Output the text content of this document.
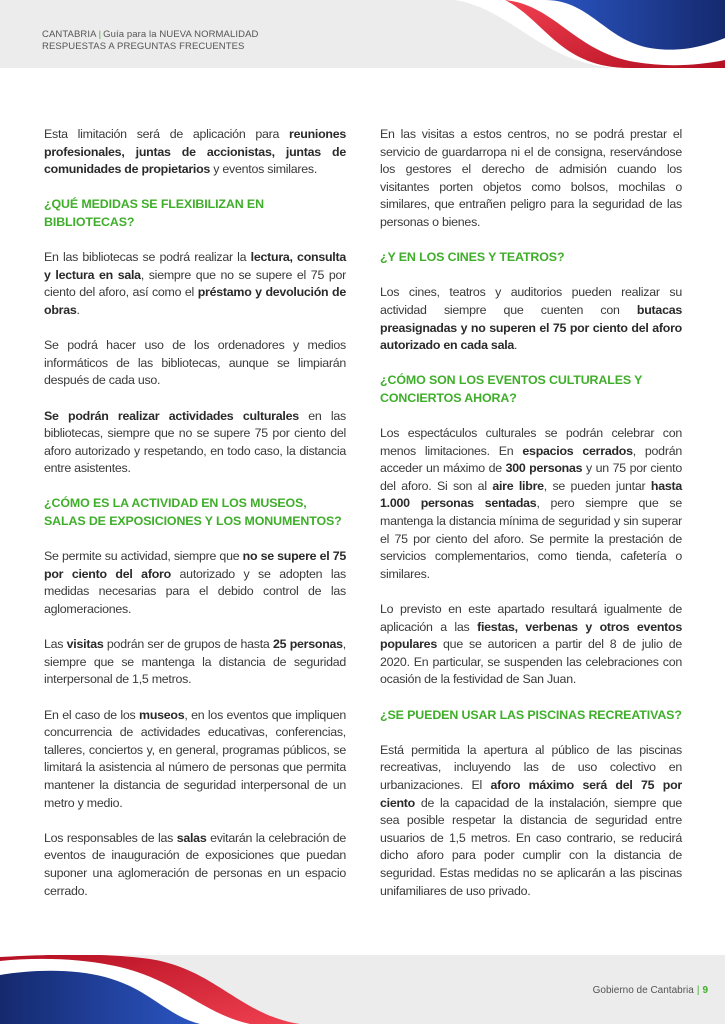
CANTABRIA | Guía para la NUEVA NORMALIDAD
RESPUESTAS A PREGUNTAS FRECUENTES

Esta limitación será de aplicación para reuniones profesionales, juntas de accionistas, juntas de comunidades de propietarios y eventos similares.

¿QUÉ MEDIDAS SE FLEXIBILIZAN EN BIBLIOTECAS?

En las bibliotecas se podrá realizar la lectura, consulta y lectura en sala, siempre que no se supere el 75 por ciento del aforo, así como el préstamo y devolución de obras.

Se podrá hacer uso de los ordenadores y medios informáticos de las bibliotecas, aunque se limpiarán después de cada uso.

Se podrán realizar actividades culturales en las bibliotecas, siempre que no se supere 75 por ciento del aforo autorizado y respetando, en todo caso, la distancia entre asistentes.

¿CÓMO ES LA ACTIVIDAD EN LOS MUSEOS, SALAS DE EXPOSICIONES Y LOS MONUMENTOS?

Se permite su actividad, siempre que no se supere el 75 por ciento del aforo autorizado y se adopten las medidas necesarias para el debido control de las aglomeraciones.

Las visitas podrán ser de grupos de hasta 25 personas, siempre que se mantenga la distancia de seguridad interpersonal de 1,5 metros.

En el caso de los museos, en los eventos que impliquen concurrencia de actividades educativas, conferencias, talleres, conciertos y, en general, programas públicos, se limitará la asistencia al número de personas que permita mantener la distancia de seguridad interpersonal de un metro y medio.

Los responsables de las salas evitarán la celebración de eventos de inauguración de exposiciones que puedan suponer una aglomeración de personas en un espacio cerrado.

En las visitas a estos centros, no se podrá prestar el servicio de guardarropa ni el de consigna, reservándose los gestores el derecho de admisión cuando los visitantes porten objetos como bolsos, mochilas o similares, que entrañen peligro para la seguridad de las personas o bienes.

¿Y EN LOS CINES Y TEATROS?

Los cines, teatros y auditorios pueden realizar su actividad siempre que cuenten con butacas preasignadas y no superen el 75 por ciento del aforo autorizado en cada sala.

¿CÓMO SON LOS EVENTOS CULTURALES Y CONCIERTOS AHORA?

Los espectáculos culturales se podrán celebrar con menos limitaciones. En espacios cerrados, podrán acceder un máximo de 300 personas y un 75 por ciento del aforo. Si son al aire libre, se pueden juntar hasta 1.000 personas sentadas, pero siempre que se mantenga la distancia mínima de seguridad y sin superar el 75 por ciento del aforo. Se permite la prestación de servicios complementarios, como tienda, cafetería o similares.

Lo previsto en este apartado resultará igualmente de aplicación a las fiestas, verbenas y otros eventos populares que se autoricen a partir del 8 de julio de 2020. En particular, se suspenden las celebraciones con ocasión de la festividad de San Juan.

¿SE PUEDEN USAR LAS PISCINAS RECREATIVAS?

Está permitida la apertura al público de las piscinas recreativas, incluyendo las de uso colectivo en urbanizaciones. El aforo máximo será del 75 por ciento de la capacidad de la instalación, siempre que sea posible respetar la distancia de seguridad entre usuarios de 1,5 metros. En caso contrario, se reducirá dicho aforo para poder cumplir con la distancia de seguridad. Estas medidas no se aplicarán a las piscinas unifamiliares de uso privado.

Gobierno de Cantabria | 9
